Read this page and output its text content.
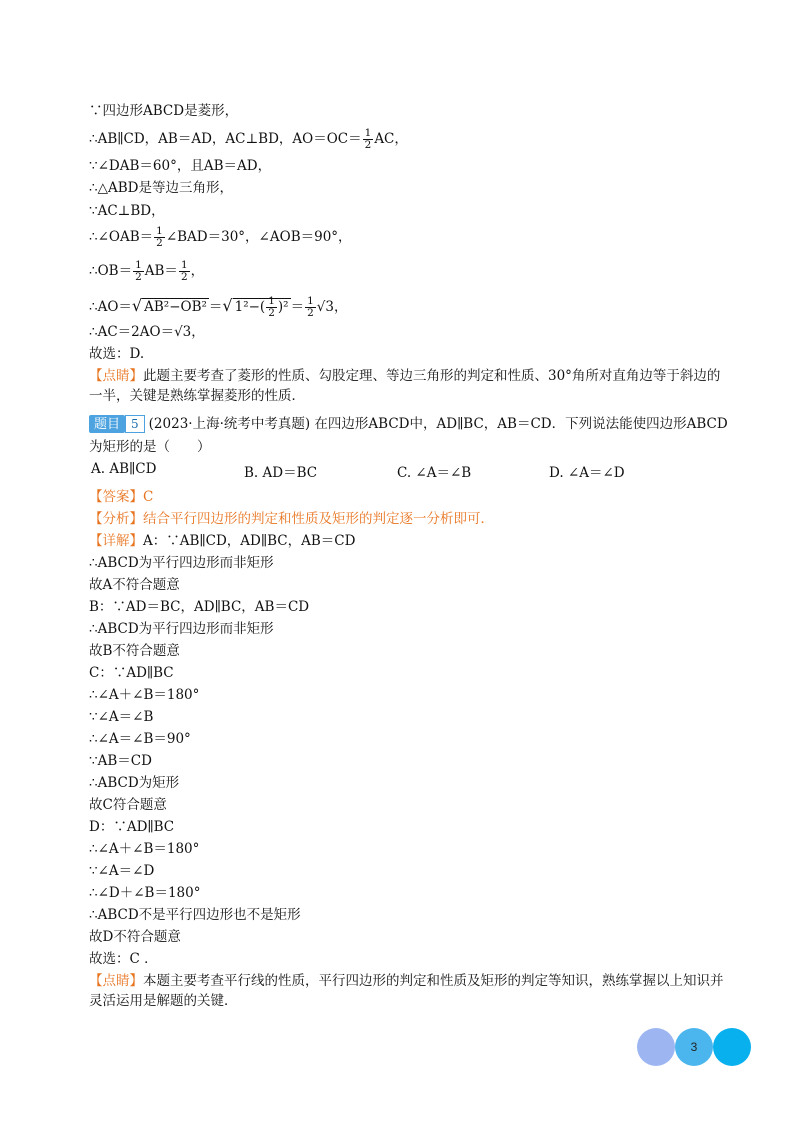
∵四边形ABCD是菱形，
∴AB∥CD，AB＝AD，AC⊥BD，$AO=OC= \frac{1}{2}$ AC，
∵∠DAB＝60°，且AB＝AD，
∴△ABD是等边三角形，
∵AC⊥BD，
∴∠OAB＝ $\frac{1}{2}$ ∠BAD＝30°，∠AOB＝90°，
∴OB＝ $\frac{1}{2} AB= \frac{1}{2}$ ，
∴AO＝√ AB²−OB² ＝√ $1^2-( \frac{1}{2} )^2 = \frac{1}{2} √3$，
∴AC＝2AO＝√3，
故选：D.
【点睛】此题主要考查了菱形的性质、勾股定理、等边三角形的判定和性质、30°角所对直角边等于斜边的一半，关键是熟练掌握菱形的性质．
题目 5 (2023·上海·统考中考真题) 在四边形ABCD中，AD∥BC，AB＝CD．下列说法能使四边形ABCD
为矩形的是（　　）
A. AB∥CD	B. AD＝BC	C. ∠A＝∠B	D. ∠A＝∠D
【答案】C
【分析】结合平行四边形的判定和性质及矩形的判定逐一分析即可．
【详解】A：∵AB∥CD，AD∥BC，AB＝CD
∴ABCD为平行四边形而非矩形
故A不符合题意
B：∵AD＝BC，AD∥BC，AB＝CD
∴ABCD为平行四边形而非矩形
故B不符合题意
C：∵AD∥BC
∴∠A＋∠B＝180°
∵∠A＝∠B
∴∠A＝∠B＝90°
∵AB＝CD
∴ABCD为矩形
故C符合题意
D：∵AD∥BC
∴∠A＋∠B＝180°
∵∠A＝∠D
∴∠D＋∠B＝180°
∴ABCD不是平行四边形也不是矩形
故D不符合题意
故选：C ．
【点睛】本题主要考查平行线的性质，平行四边形的判定和性质及矩形的判定等知识，熟练掌握以上知识并灵活运用是解题的关键．
3
